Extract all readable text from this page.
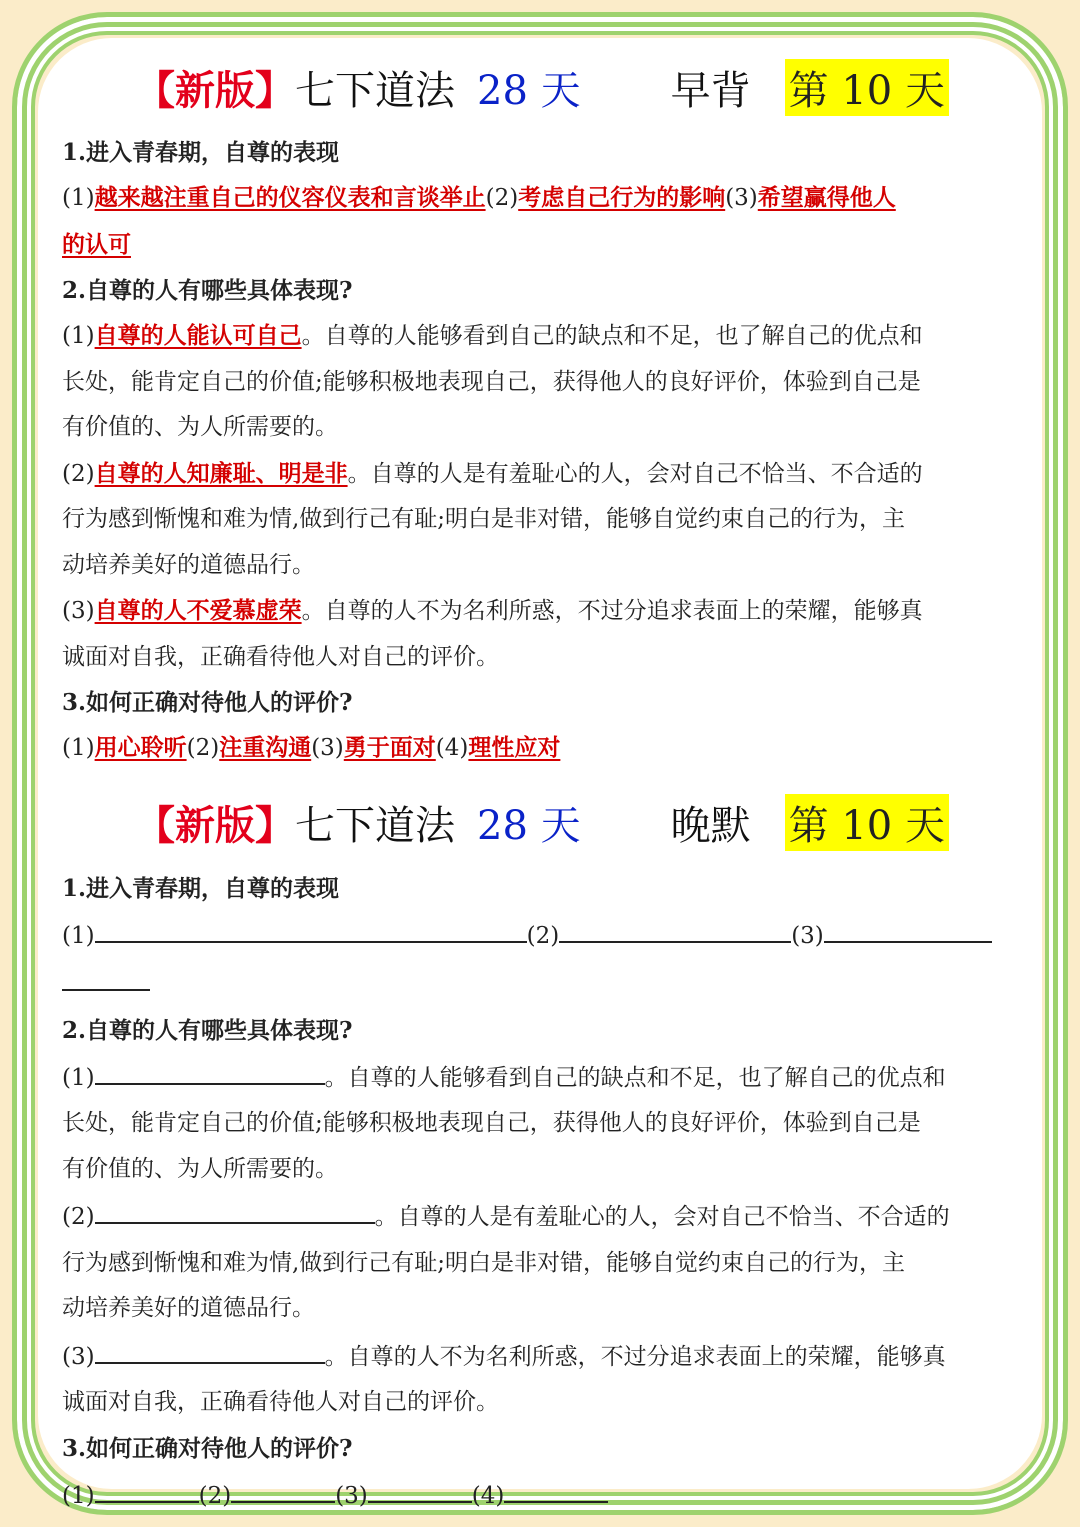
【新版】 七下道法 28 天 早背 第 10 天
1.进入青春期，自尊的表现
(1)越来越注重自己的仪容仪表和言谈举止(2)考虑自己行为的影响(3)希望赢得他人
的认可
2.自尊的人有哪些具体表现?
(1)自尊的人能认可自己。自尊的人能够看到自己的缺点和不足，也了解自己的优点和
长处，能肯定自己的价值;能够积极地表现自己，获得他人的良好评价，体验到自己是
有价值的、为人所需要的。
(2)自尊的人知廉耻、明是非。自尊的人是有羞耻心的人，会对自己不恰当、不合适的
行为感到惭愧和难为情,做到行己有耻;明白是非对错，能够自觉约束自己的行为，主
动培养美好的道德品行。
(3)自尊的人不爱慕虚荣。自尊的人不为名利所惑，不过分追求表面上的荣耀，能够真
诚面对自我，正确看待他人对自己的评价。
3.如何正确对待他人的评价?
(1)用心聆听(2)注重沟通(3)勇于面对(4)理性应对
【新版】 七下道法 28 天 晚默 第 10 天
1.进入青春期，自尊的表现
(1)	(2)	(3)

2.自尊的人有哪些具体表现?
(1)	。自尊的人能够看到自己的缺点和不足，也了解自己的优点和
长处，能肯定自己的价值;能够积极地表现自己，获得他人的良好评价，体验到自己是
有价值的、为人所需要的。
(2)	。自尊的人是有羞耻心的人，会对自己不恰当、不合适的
行为感到惭愧和难为情,做到行己有耻;明白是非对错，能够自觉约束自己的行为，主
动培养美好的道德品行。
(3)	。自尊的人不为名利所惑，不过分追求表面上的荣耀，能够真
诚面对自我，正确看待他人对自己的评价。
3.如何正确对待他人的评价?
(1)	(2)	(3)	(4)
